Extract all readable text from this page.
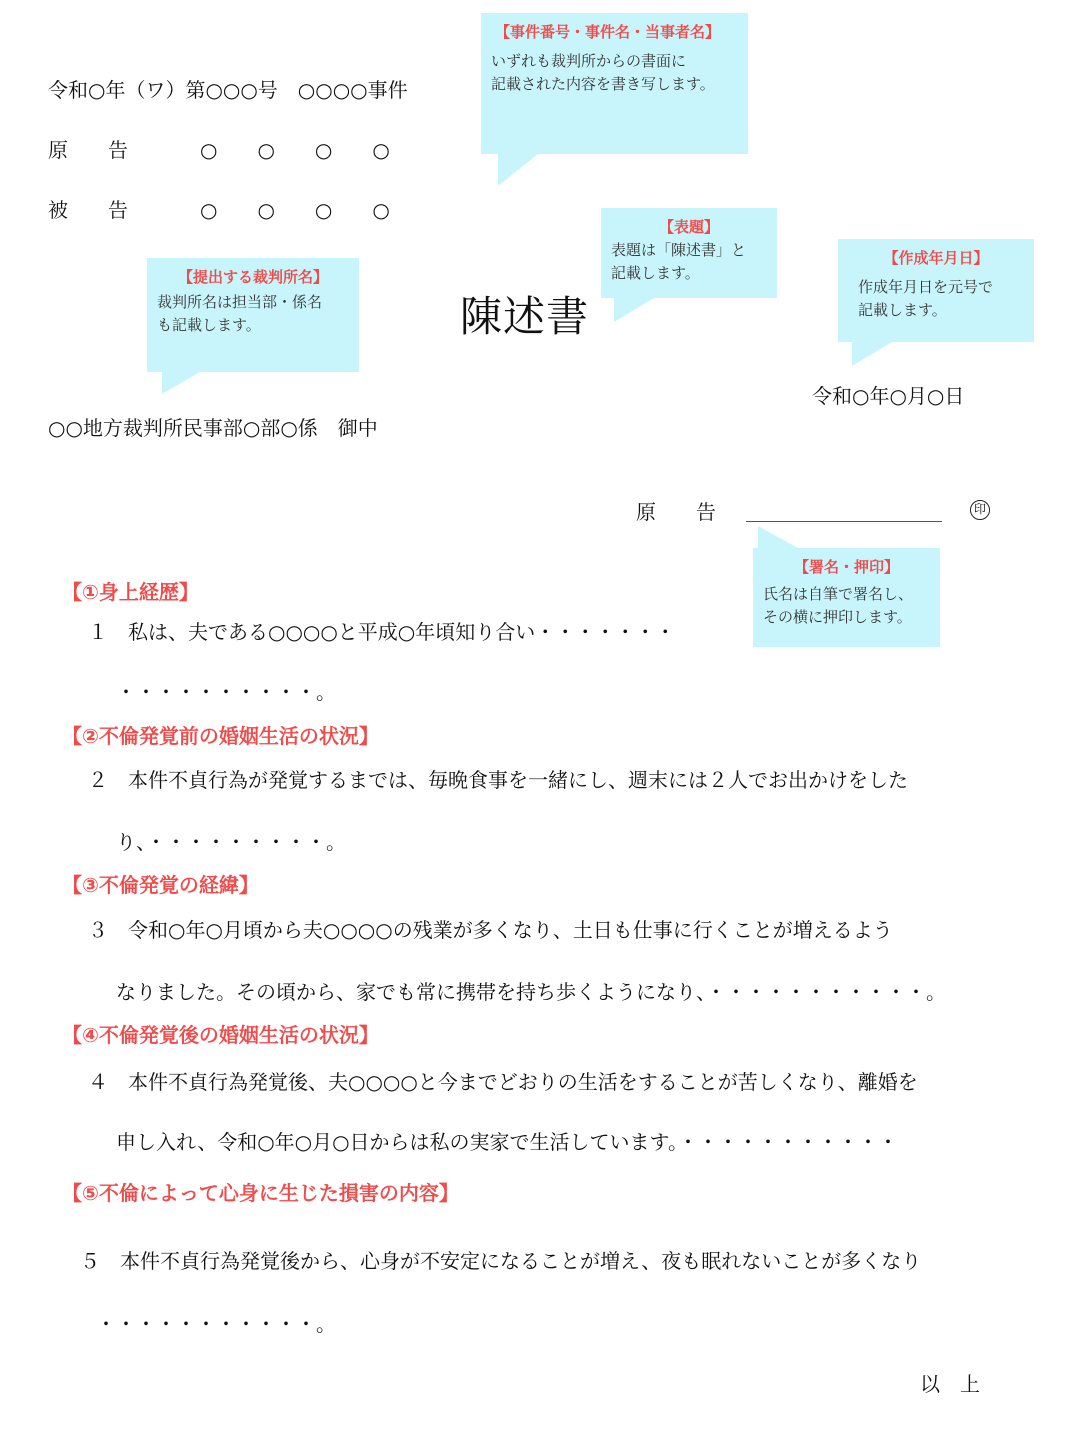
令和○年（ワ）第○○○号　○○○○事件
原　　告	○　　○　　○　　○
被　　告	○　　○　　○　　○
陳述書
令和○年○月○日
○○地方裁判所民事部○部○係　御中
原　　告	印
【事件番号・事件名・当事者名】
いずれも裁判所からの書面に
記載された内容を書き写します。
【表題】
表題は「陳述書」と
記載します。
【作成年月日】
作成年月日を元号で
記載します。
【提出する裁判所名】
裁判所名は担当部・係名
も記載します。
【署名・押印】
氏名は自筆で署名し、
その横に押印します。
【①身上経歴】
１　私は、夫である○○○○と平成○年頃知り合い・・・・・・・
・・・・・・・・・・。
【②不倫発覚前の婚姻生活の状況】
２　本件不貞行為が発覚するまでは、毎晩食事を一緒にし、週末には２人でお出かけをした
り、・・・・・・・・・。
【③不倫発覚の経緯】
３　令和○年○月頃から夫○○○○の残業が多くなり、土日も仕事に行くことが増えるよう
なりました。その頃から、家でも常に携帯を持ち歩くようになり、・・・・・・・・・・・。
【④不倫発覚後の婚姻生活の状況】
４　本件不貞行為発覚後、夫○○○○と今までどおりの生活をすることが苦しくなり、離婚を
申し入れ、令和○年○月○日からは私の実家で生活しています。・・・・・・・・・・・
【⑤不倫によって心身に生じた損害の内容】
５　本件不貞行為発覚後から、心身が不安定になることが増え、夜も眠れないことが多くなり
・・・・・・・・・・・。
以　上
